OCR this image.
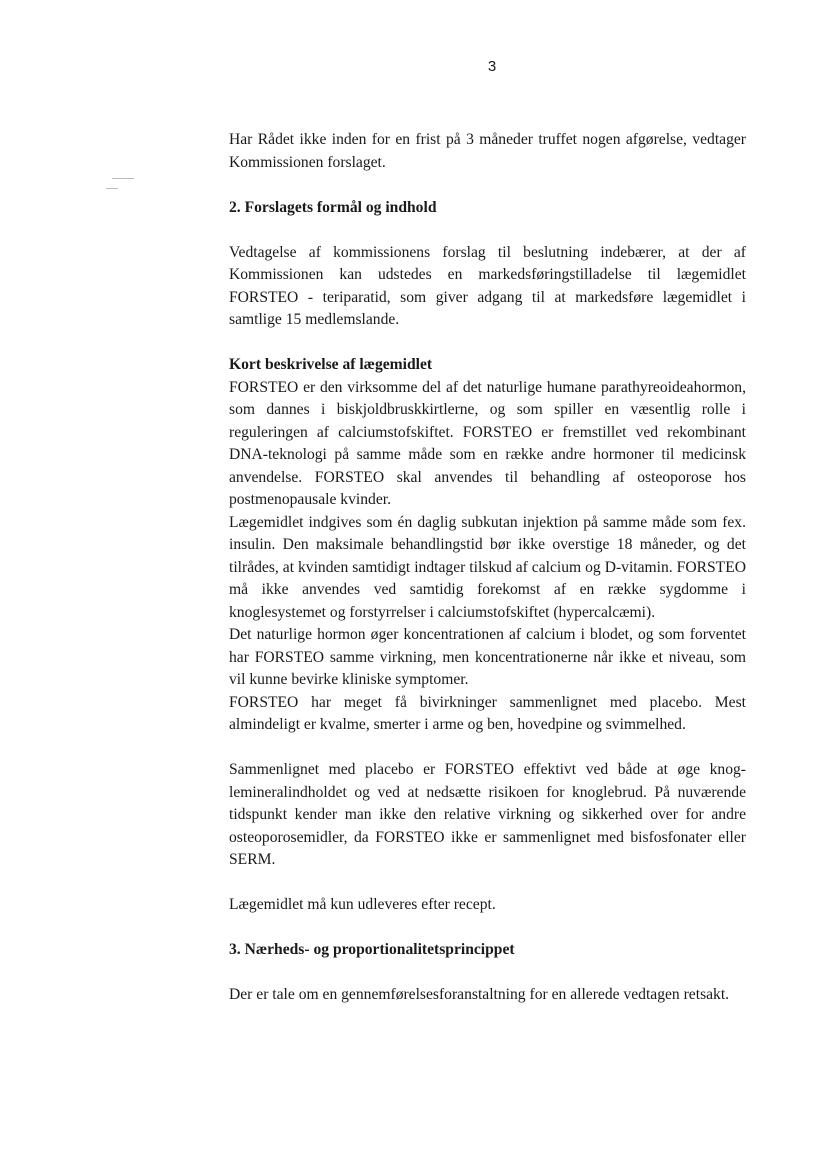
3

Har Rådet ikke inden for en frist på 3 måneder truffet nogen afgørelse, vedtager Kommissionen forslaget.

2. Forslagets formål og indhold

Vedtagelse af kommissionens forslag til beslutning indebærer, at der af Kommissionen kan udstedes en markedsføringstilladelse til lægemidlet FORSTEO - teriparatid, som giver adgang til at markedsføre lægemidlet i samtlige 15 medlemslande.

Kort beskrivelse af lægemidlet

FORSTEO er den virksomme del af det naturlige humane parathyreoideahormon, som dannes i biskjoldbruskkirtlerne, og som spiller en væsentlig rolle i reguleringen af calciumstofskiftet. FORSTEO er fremstillet ved rekombinant DNA-teknologi på samme måde som en række andre hormoner til medicinsk anvendelse. FORSTEO skal anvendes til behandling af osteoporose hos postmenopausale kvinder.

Lægemidlet indgives som én daglig subkutan injektion på samme måde som fex. insulin. Den maksimale behandlingstid bør ikke overstige 18 måneder, og det tilrådes, at kvinden samtidigt indtager tilskud af calcium og D-vitamin. FORSTEO må ikke anvendes ved samtidig forekomst af en række sygdomme i knoglesystemet og forstyrrelser i calciumstofskiftet (hypercalcæmi).

Det naturlige hormon øger koncentrationen af calcium i blodet, og som forventet har FORSTEO samme virkning, men koncentrationerne når ikke et niveau, som vil kunne bevirke kliniske symptomer.

FORSTEO har meget få bivirkninger sammenlignet med placebo. Mest almindeligt er kvalme, smerter i arme og ben, hovedpine og svimmelhed.

Sammenlignet med placebo er FORSTEO effektivt ved både at øge knoglemineralindholdet og ved at nedsætte risikoen for knoglebrud. På nuværende tidspunkt kender man ikke den relative virkning og sikkerhed over for andre osteoporosemidler, da FORSTEO ikke er sammenlignet med bisfosfonater eller SERM.

Lægemidlet må kun udleveres efter recept.

3. Nærheds- og proportionalitetsprincippet

Der er tale om en gennemførelsesforanstaltning for en allerede vedtagen retsakt.
